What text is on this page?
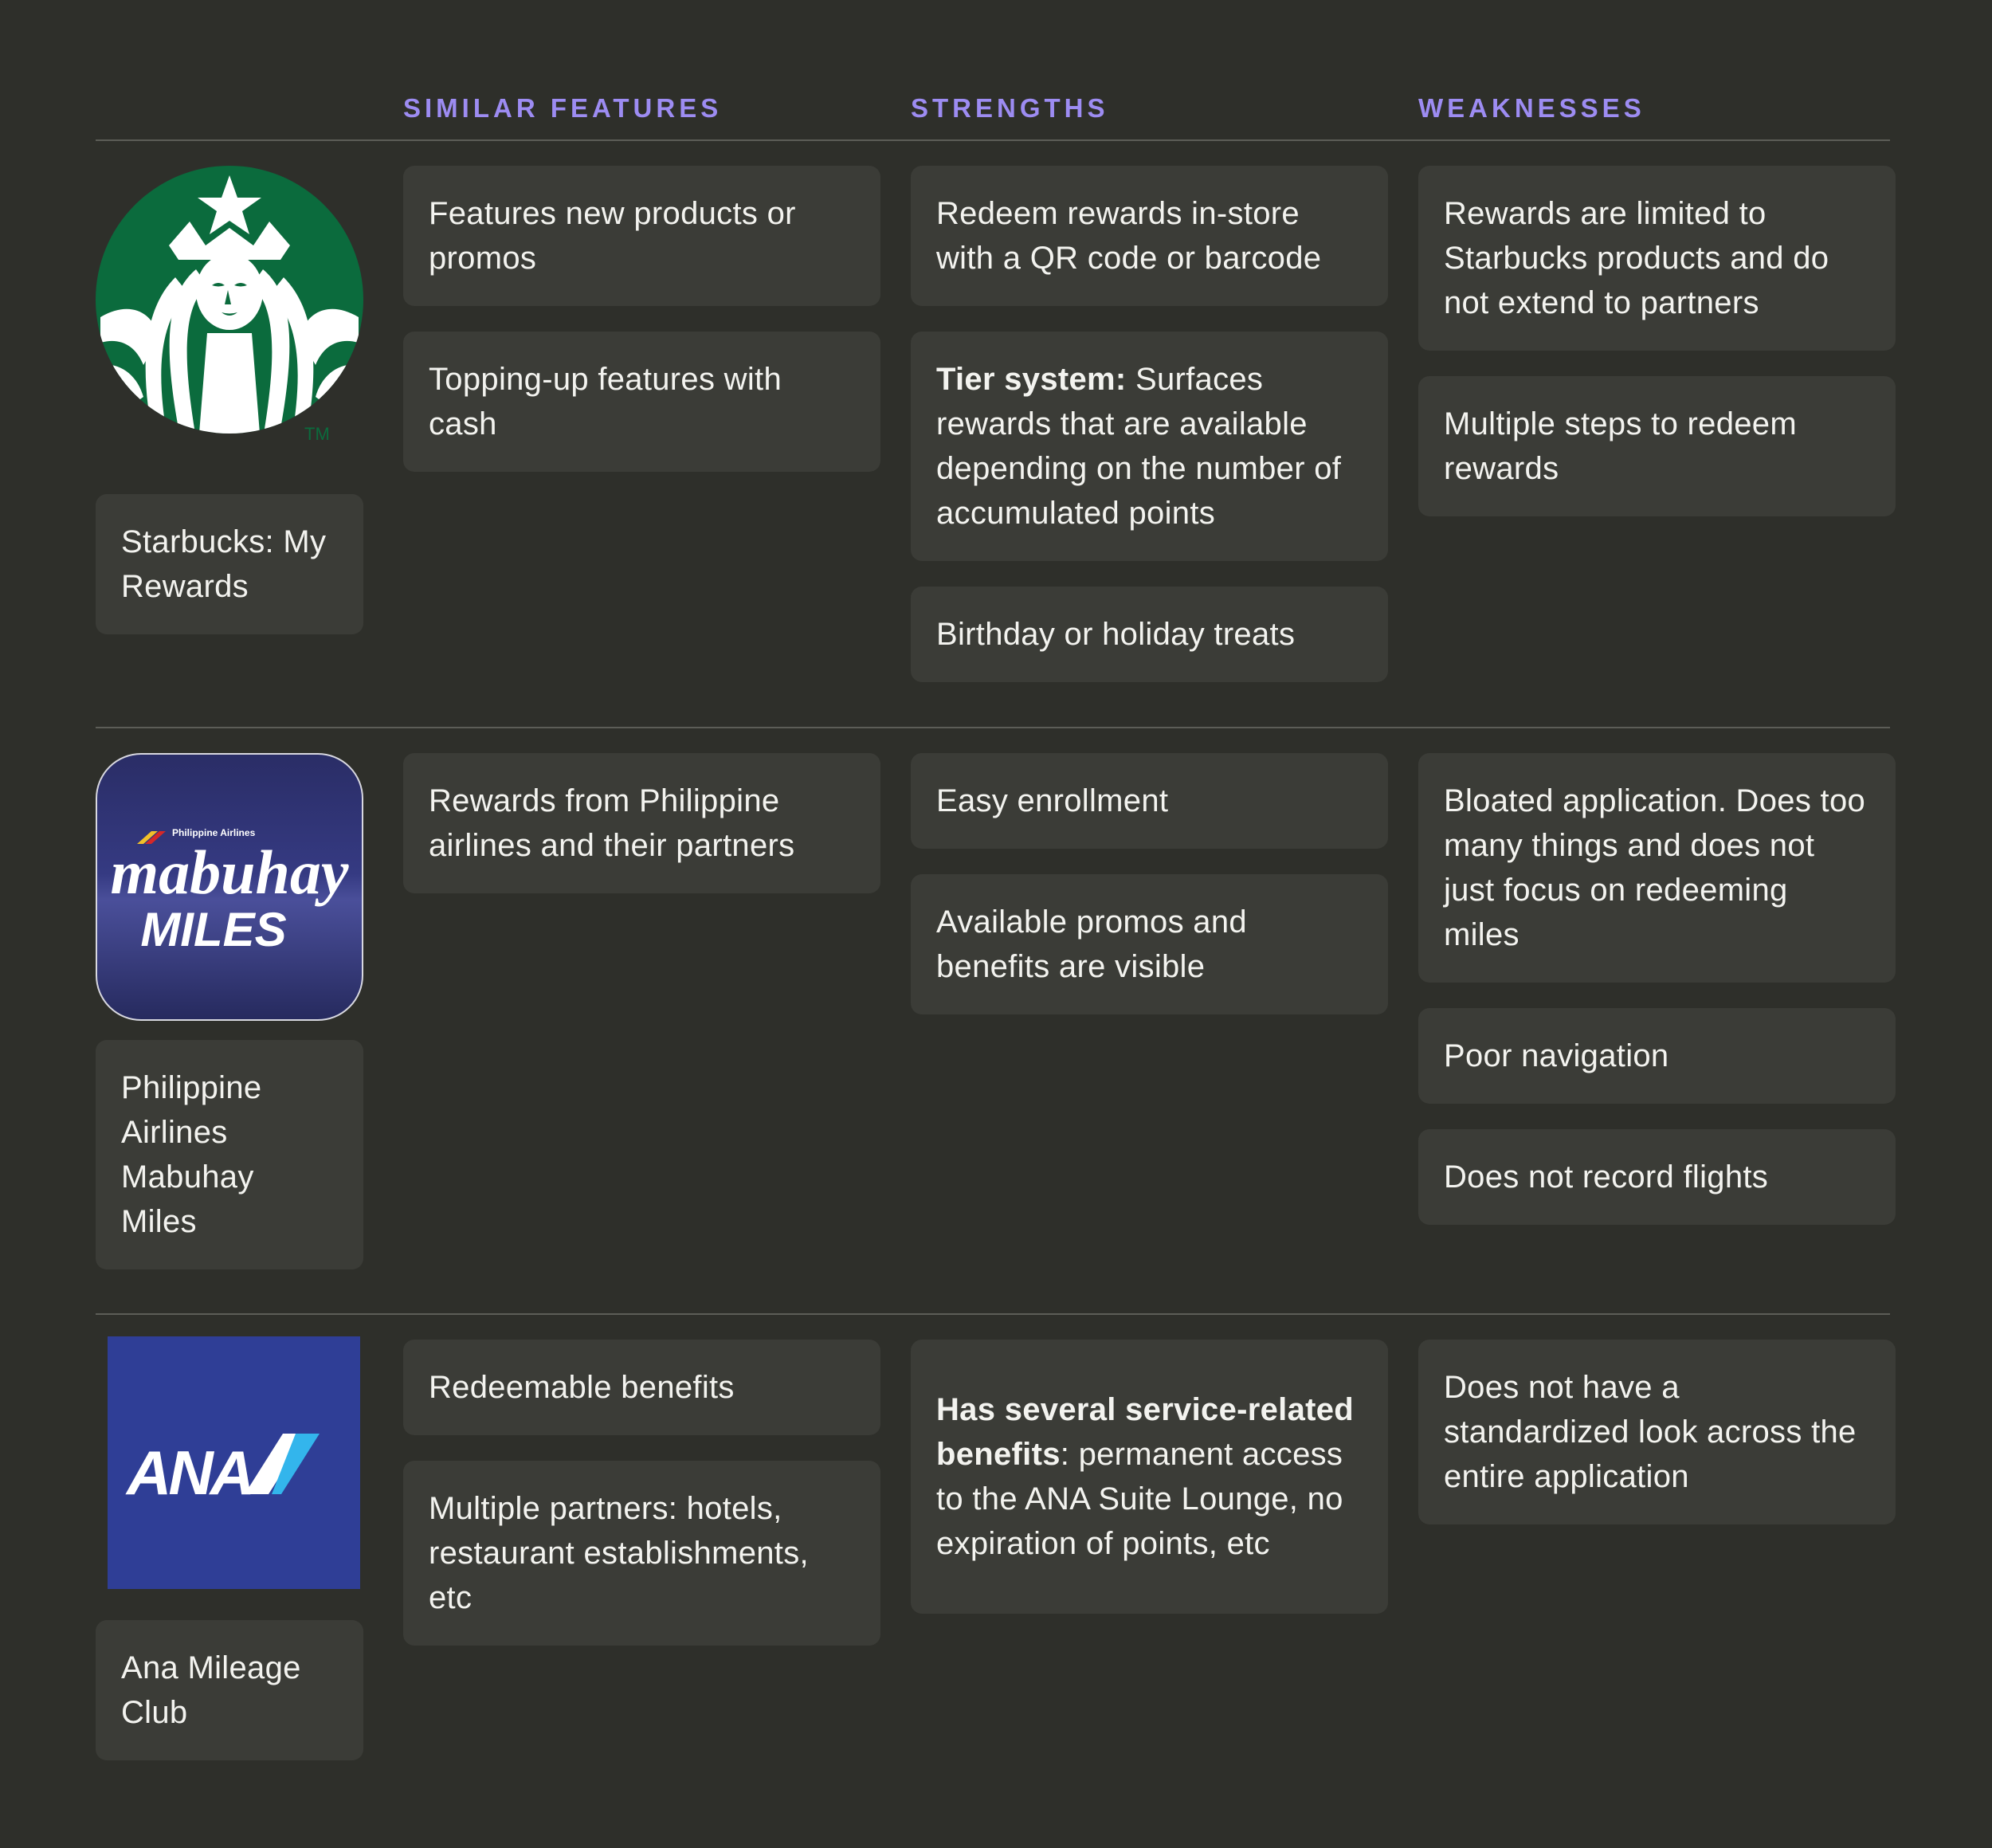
SIMILAR FEATURES	STRENGTHS	WEAKNESSES
TM
Starbucks: My Rewards
Features new products or promos
Topping-up features with cash
Redeem rewards in-store with a QR code or barcode
Tier system: Surfaces rewards that are available depending on the number of accumulated points
Birthday or holiday treats
Rewards are limited to Starbucks products and do not extend to partners
Multiple steps to redeem rewards
Philippine Airlines
mabuhay
MILES
Philippine Airlines Mabuhay Miles
Rewards from Philippine airlines and their partners
Easy enrollment
Available promos and benefits are visible
Bloated application. Does too many things and does not just focus on redeeming miles
Poor navigation
Does not record flights
ANA
Ana Mileage Club
Redeemable benefits
Multiple partners: hotels, restaurant establishments, etc
Has several service-related benefits: permanent access to the ANA Suite Lounge, no expiration of points, etc
Does not have a standardized look across the entire application
